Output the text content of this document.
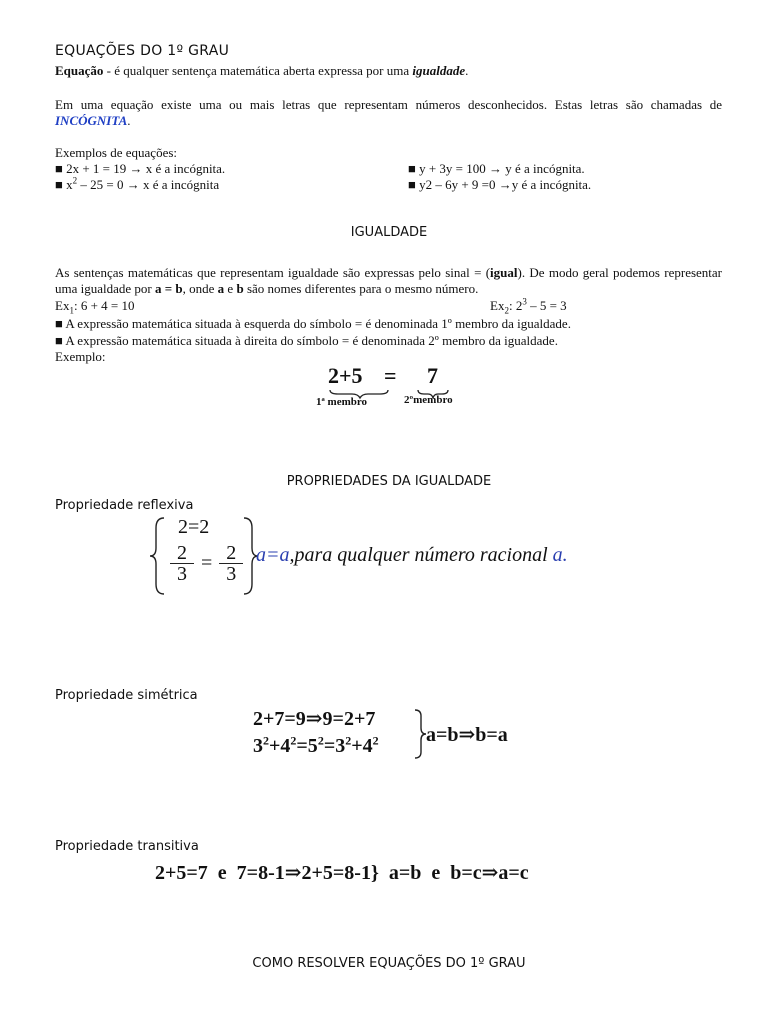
EQUAÇÕES DO 1º GRAU
Equação - é qualquer sentença matemática aberta expressa por uma igualdade.
Em uma equação existe uma ou mais letras que representam números desconhecidos. Estas letras são chamadas de INCÓGNITA.
Exemplos de equações:
■ 2x + 1 = 19 → x é a incógnita.
■ $x^2 - 25 = 0 \to x$ é a incógnita
■ y + 3y = 100 → y é a incógnita.
■ y2 – 6y + 9 =0 →y é a incógnita.
IGUALDADE
As sentenças matemáticas que representam igualdade são expressas pelo sinal = (igual). De modo geral podemos representar uma igualdade por a = b, onde a e b são nomes diferentes para o mesmo número.
$Ex_1$: 6 + 4 = 10	$Ex_2$: $2^3 - 5 = 3$
■ A expressão matemática situada à esquerda do símbolo = é denominada 1º membro da igualdade.
■ A expressão matemática situada à direita do símbolo = é denominada 2º membro da igualdade.
Exemplo:
2+5 = 7
1ª membro	2ºmembro
PROPRIEDADES DA IGUALDADE
Propriedade reflexiva
2=2
$\frac{2}{3} = \frac{2}{3}$ a=a,para qualquer número racional a.
Propriedade simétrica
2+7=9⇒9=2+7
$3^2+4^2=5^2=3^2+4^2$ a=b⇒b=a
Propriedade transitiva
2+5=7  e  7=8-1⇒2+5=8-1}  a=b  e  b=c⇒a=c
COMO RESOLVER EQUAÇÕES DO 1º GRAU
